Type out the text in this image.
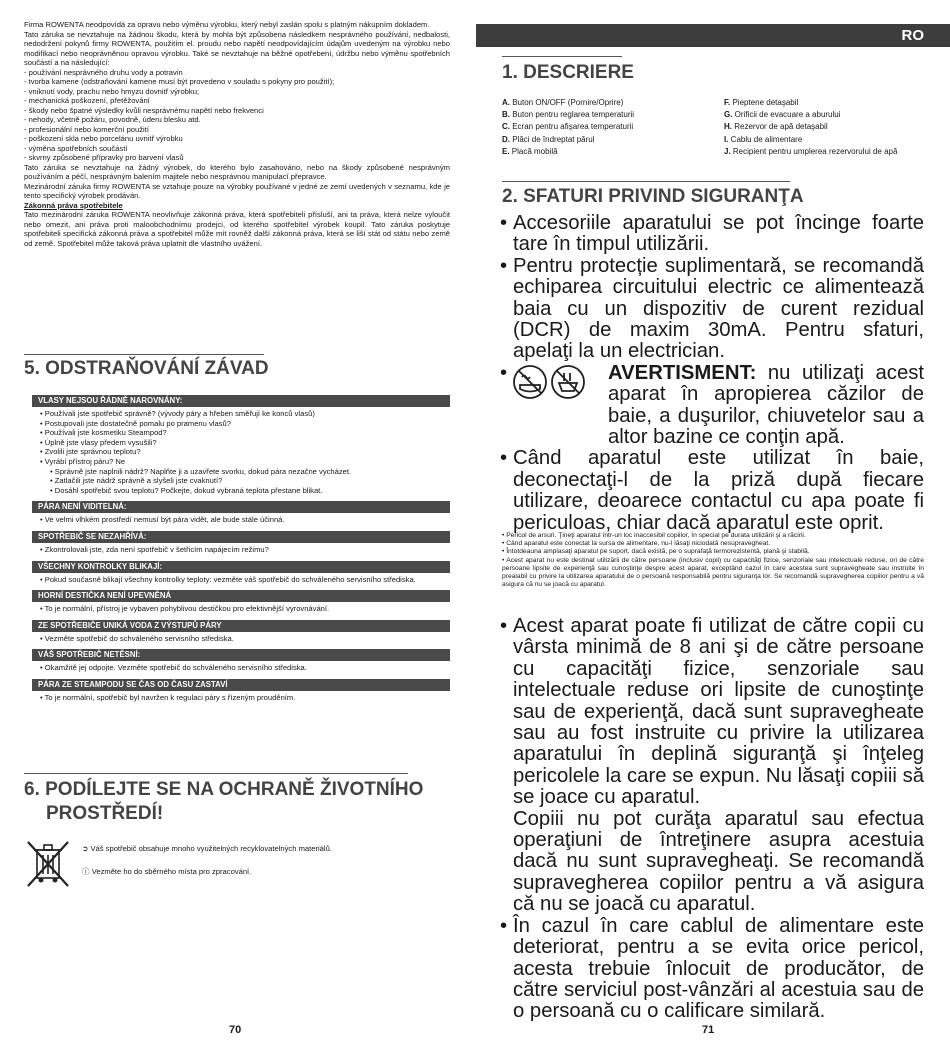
Firma ROWENTA neodpovídá za opravu nebo výměnu výrobku, který nebyl zaslán spolu s platným nákupním dokladem.

Tato záruka se nevztahuje na žádnou škodu, která by mohla být způsobena následkem nesprávného používání, nedbalosti, nedodržení pokynů firmy ROWENTA, použitím el. proudu nebo napětí neodpovídajícím údajům uvedeným na výrobku nebo modifikací nebo neoprávněnou opravou výrobku. Také se nevztahuje na běžné opotřebení, údržbu nebo výměnu spotřebních součástí a na následující:

- používání nesprávného druhu vody a potravin

- tvorba kamene (odstraňování kamene musí být provedeno v souladu s pokyny pro použití);

- vniknutí vody, prachu nebo hmyzu dovnitř výrobku;

- mechanická poškození, přetěžování

- škody nebo špatné výsledky kvůli nesprávnému napětí nebo frekvenci

- nehody, včetně požáru, povodně, úderu blesku atd.

- profesionální nebo komerční použití

- poškození skla nebo porcelánu uvnitř výrobku

- výměna spotřebních součástí

- skvrny způsobené přípravky pro barvení vlasů

Tato záruka se nevztahuje na žádný výrobek, do kterého bylo zasahováno, nebo na škody způsobené nesprávným používáním a péčí, nesprávným balením majitele nebo nesprávnou manipulací přepravce.

Mezinárodní záruka firmy ROWENTA se vztahuje pouze na výrobky používané v jedné ze zemí uvedených v seznamu, kde je tento specifický výrobek prodáván.

Zákonná práva spotřebitele

Tato mezinárodní záruka ROWENTA neovlivňuje zákonná práva, která spotřebiteli přísluší, ani ta práva, která nelze vyloučit nebo omezit, ani práva proti maloobchodnímu prodejci, od kterého spotřebitel výrobek koupil. Tato záruka poskytuje spotřebiteli specifická zákonná práva a spotřebitel může mít rovněž další zákonná práva, která se liší stát od státu nebo země od země. Spotřebitel může taková práva uplatnit dle vlastního uvážení.

5. ODSTRAŇOVÁNÍ ZÁVAD
VLASY NEJSOU ŘÁDNĚ NAROVNÁNY:
• Používali jste spotřebič správně? (vývody páry a hřeben směřují ke konců vlasů)
• Postupovali jste dostatečně pomalu po pramenu vlasů?
• Používali jste kosmetiku Steampod?
• Úplně jste vlasy předem vysušili?
• Zvolili jste správnou teplotu?
• Vyrábí přístroj páru? Ne
• Správně jste naplnili nádrž? Naplňte ji a uzavřete svorku, dokud pára nezačne vycházet.
• Zatlačili jste nádrž správně a slyšeli jste cvaknutí?
• Dosáhl spotřebič svou teplotu? Počkejte, dokud vybraná teplota přestane blikat.
PÁRA NENÍ VIDITELNÁ:
• Ve velmi vlhkém prostředí nemusí být pára vidět, ale bude stále účinná.
SPOTŘEBIČ SE NEZAHŘÍVÁ:
• Zkontrolovali jste, zda není spotřebič v šetřicím napájecím režimu?
VŠECHNY KONTROLKY BLIKAJÍ:
• Pokud současně blikají všechny kontrolky teploty: vezměte váš spotřebič do schváleného servisního střediska.
HORNÍ DESTIČKA NENÍ UPEVNĚNÁ
• To je normální, přístroj je vybaven pohyblivou destičkou pro efektivnější vyrovnávání.
ZE SPOTŘEBIČE UNIKÁ VODA Z VÝSTUPŮ PÁRY
• Vezměte spotřebič do schváleného servisního střediska.
VÁŠ SPOTŘEBIČ NETĚSNÍ:
• Okamžitě jej odpojte. Vezměte spotřebič do schváleného servisního střediska.
PÁRA ZE STEAMPODU SE ČAS OD ČASU ZASTAVÍ
• To je normální, spotřebič byl navržen k regulaci páry s řízeným prouděním.
6. PODÍLEJTE SE NA OCHRANĚ ŽIVOTNÍHO
PROSTŘEDÍ!
➲ Váš spotřebič obsahuje mnoho využitelných recyklovatelných materiálů.
ⓘ Vezměte ho do sběrného místa pro zpracování.
70
RO
1. DESCRIERE
A. Buton ON/OFF (Pornire/Oprire)
B. Buton pentru reglarea temperaturii
C. Ecran pentru afişarea temperaturii
D. Plăci de îndreptat părul
E. Placă mobilă
F. Pieptene detaşabil
G. Orificii de evacuare a aburului
H. Rezervor de apă detaşabil
I. Cablu de alimentare
J. Recipient pentru umplerea rezervorului de apă
2. SFATURI PRIVIND SIGURANŢA
• Accesoriile aparatului se pot încinge foarte tare în timpul utilizării.
• Pentru protecție suplimentară, se recomandă echiparea circuitului electric ce alimentează baia cu un dispozitiv de curent rezidual (DCR) de maxim 30mA. Pentru sfaturi, apelaţi la un electrician.
• AVERTISMENT: nu utilizaţi acest aparat în apropierea căzilor de baie, a duşurilor, chiuvetelor sau a altor bazine ce conţin apă.
• Când aparatul este utilizat în baie, deconectaţi-l de la priză după fiecare utilizare, deoarece contactul cu apa poate fi periculoas, chiar dacă aparatul este oprit.
• Pericol de arsuri. Ţineţi aparatul într-un loc inaccesibil copiilor, în special pe durata utilizării şi a răcirii.
• Când aparatul este conectat la sursa de alimentare, nu-l lăsaţi niciodată nesupravegheat.
• Întotdeauna amplasaţi aparatul pe suport, dacă există, pe o suprafaţă termorezistentă, plană şi stabilă.
• Acest aparat nu este destinat utilizării de către persoane (inclusiv copii) cu capacităţi fizice, senzoriale sau intelectuale reduse, ori de către persoane lipsite de experienţă sau cunoştinţe despre acest aparat, exceptând cazul în care acestea sunt supravegheate sau instruite în prealabil cu privire la utilizarea aparatului de o persoană responsabilă pentru siguranţa lor. Se recomandă supravegherea copiilor pentru a vă asigura că nu se joacă cu aparatul.
• Acest aparat poate fi utilizat de către copii cu vârsta minimă de 8 ani şi de către persoane cu capacităţi fizice, senzoriale sau intelectuale reduse ori lipsite de cunoştinţe sau de experienţă, dacă sunt supravegheate sau au fost instruite cu privire la utilizarea aparatului în deplină siguranţă şi înţeleg pericolele la care se expun. Nu lăsaţi copiii să se joace cu aparatul.
Copiii nu pot curăţa aparatul sau efectua operaţiuni de întreţinere asupra acestuia dacă nu sunt supravegheaţi. Se recomandă supravegherea copiilor pentru a vă asigura că nu se joacă cu aparatul.
• În cazul în care cablul de alimentare este deteriorat, pentru a se evita orice pericol, acesta trebuie înlocuit de producător, de către serviciul post-vânzări al acestuia sau de o persoană cu o calificare similară.
71
